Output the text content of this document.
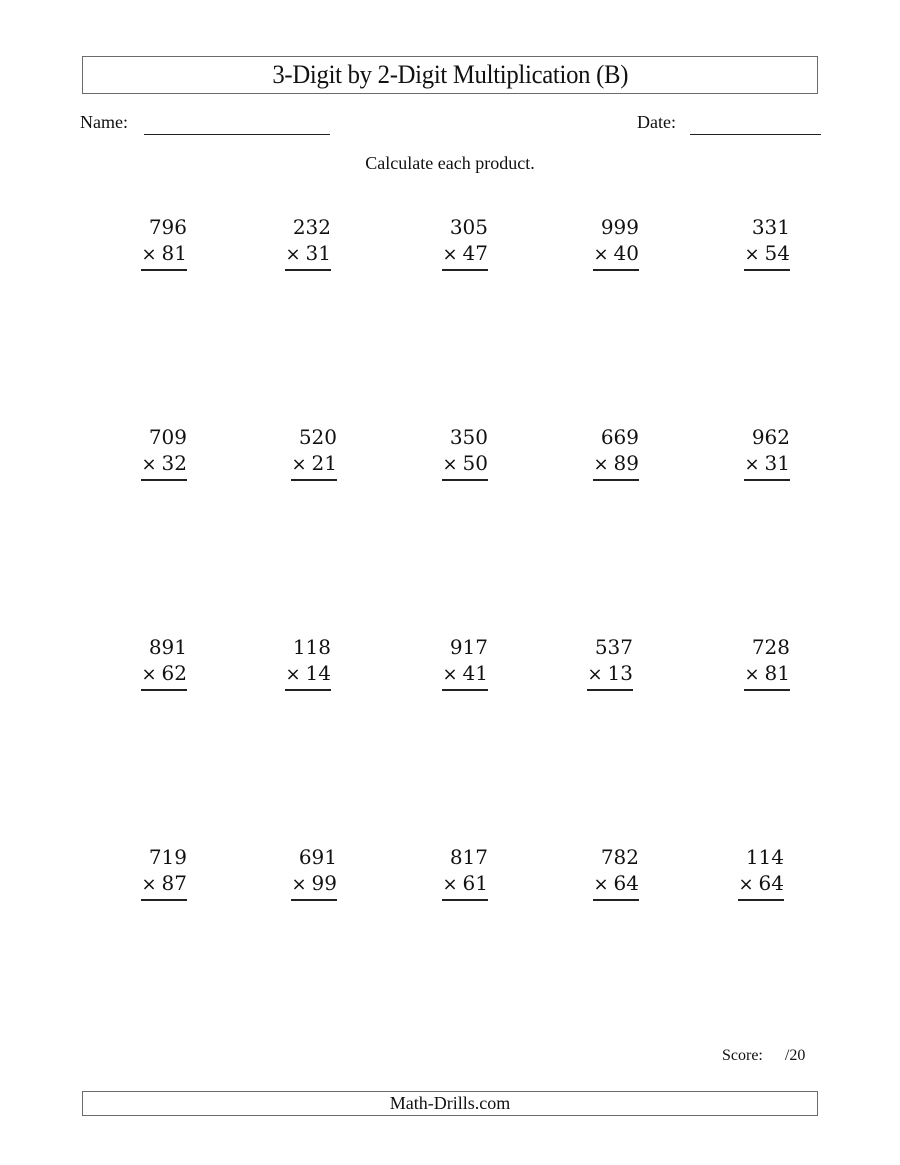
3-Digit by 2-Digit Multiplication (B)
Name:	Date:
Calculate each product.
796
× 81
232
× 31
305
× 47
999
× 40
331
× 54
709
× 32
520
× 21
350
× 50
669
× 89
962
× 31
891
× 62
118
× 14
917
× 41
537
× 13
728
× 81
719
× 87
691
× 99
817
× 61
782
× 64
114
× 64
Score: /20
Math-Drills.com
